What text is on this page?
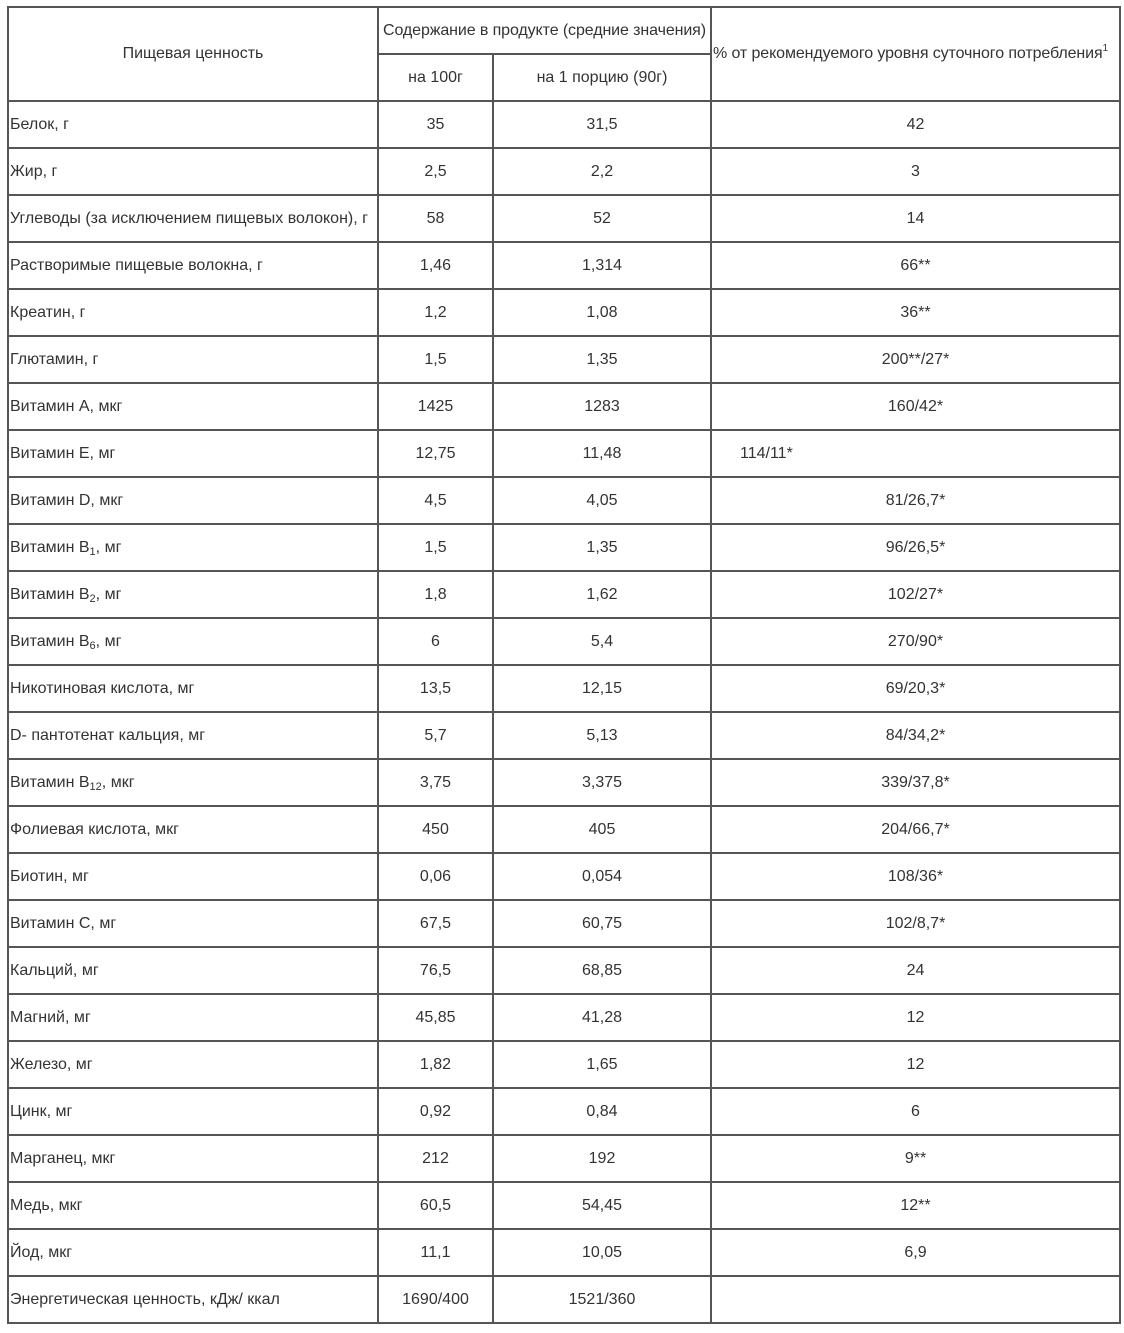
Пищевая ценность	Содержание в продукте (средние значения)		% от рекомендуемого уровня суточного потребления$^1$
	на 100г	на 1 порцию (90г)	
Белок, г	35	31,5	42
Жир, г	2,5	2,2	3
Углеводы (за исключением пищевых волокон), г	58	52	14
Растворимые пищевые волокна, г	1,46	1,314	66**
Креатин, г	1,2	1,08	36**
Глютамин, г	1,5	1,35	200**/27*
Витамин А, мкг	1425	1283	160/42*
Витамин Е, мг	12,75	11,48	114/11*
Витамин D, мкг	4,5	4,05	81/26,7*
Витамин $В_1$, мг	1,5	1,35	96/26,5*
Витамин $В_2$, мг	1,8	1,62	102/27*
Витамин $В_6$, мг	6	5,4	270/90*
Никотиновая кислота, мг	13,5	12,15	69/20,3*
D- пантотенат кальция, мг	5,7	5,13	84/34,2*
Витамин $В_{12}$, мкг	3,75	3,375	339/37,8*
Фолиевая кислота, мкг	450	405	204/66,7*
Биотин, мг	0,06	0,054	108/36*
Витамин С, мг	67,5	60,75	102/8,7*
Кальций, мг	76,5	68,85	24
Магний, мг	45,85	41,28	12
Железо, мг	1,82	1,65	12
Цинк, мг	0,92	0,84	6
Марганец, мкг	212	192	9**
Медь, мкг	60,5	54,45	12**
Йод, мкг	11,1	10,05	6,9
Энергетическая ценность, кДж/ ккал	1690/400	1521/360	
